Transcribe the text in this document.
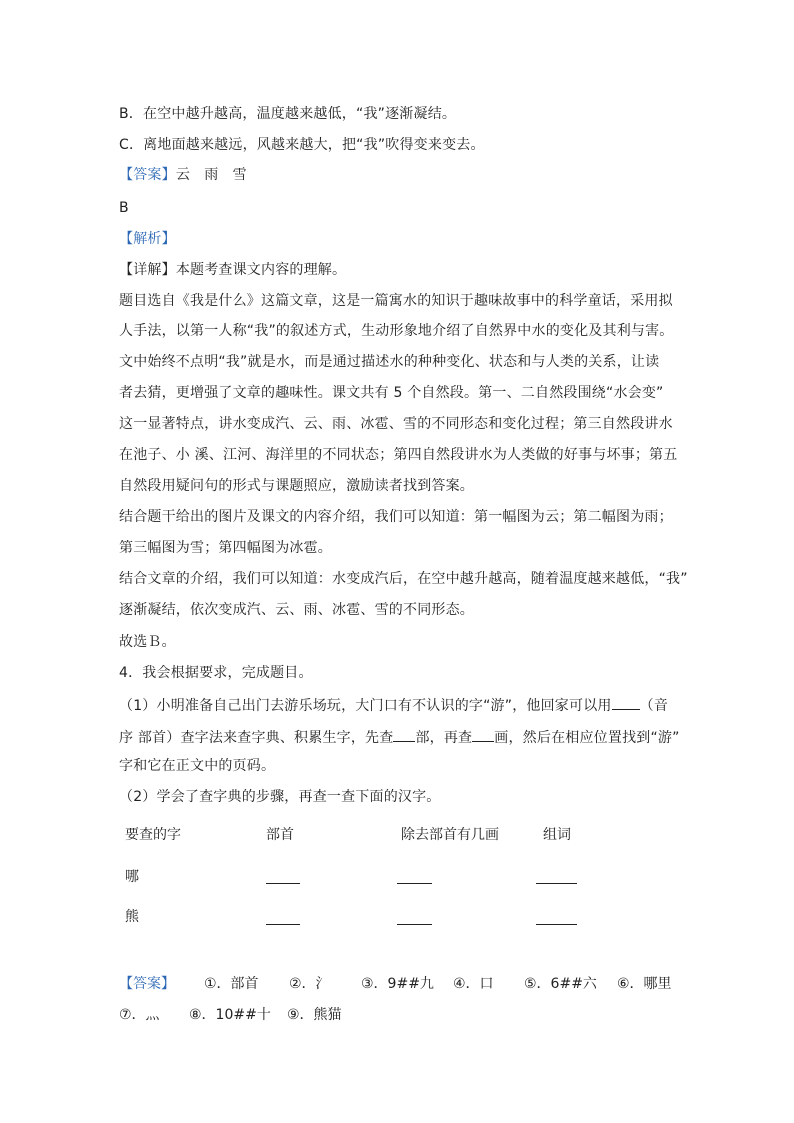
B．在空中越升越高，温度越来越低，“我”逐渐凝结。
C．离地面越来越远，风越来越大，把“我”吹得变来变去。
【答案】云　雨　雪
B
【解析】
【详解】本题考查课文内容的理解。
题目选自《我是什么》这篇文章，这是一篇寓水的知识于趣味故事中的科学童话，采用拟
人手法，以第一人称“我”的叙述方式，生动形象地介绍了自然界中水的变化及其利与害。
文中始终不点明“我”就是水，而是通过描述水的种种变化、状态和与人类的关系，让读
者去猜，更增强了文章的趣味性。课文共有 5 个自然段。第一、二自然段围绕“水会变”
这一显著特点，讲水变成汽、云、雨、冰雹、雪的不同形态和变化过程；第三自然段讲水
在池子、小 溪、江河、海洋里的不同状态；第四自然段讲水为人类做的好事与坏事；第五
自然段用疑问句的形式与课题照应，激励读者找到答案。
结合题干给出的图片及课文的内容介绍，我们可以知道：第一幅图为云；第二幅图为雨；
第三幅图为雪；第四幅图为冰雹。
结合文章的介绍，我们可以知道：水变成汽后，在空中越升越高，随着温度越来越低，“我”
逐渐凝结，依次变成汽、云、雨、冰雹、雪的不同形态。
故选Ｂ。
4．我会根据要求，完成题目。
（1）小明准备自己出门去游乐场玩，大门口有不认识的字“游”，他回家可以用 （音
序 部首）查字法来查字典、积累生字，先查 部，再查 画，然后在相应位置找到“游”
字和它在正文中的页码。
（2）学会了查字典的步骤，再查一查下面的汉字。
要查的字	部首	除去部首有几画	组词
哪
熊
【答案】 ①．部首 ②．氵 ③．9##九 ④．口 ⑤．6##六 ⑥．哪里
⑦．灬 ⑧．10##十 ⑨．熊猫
